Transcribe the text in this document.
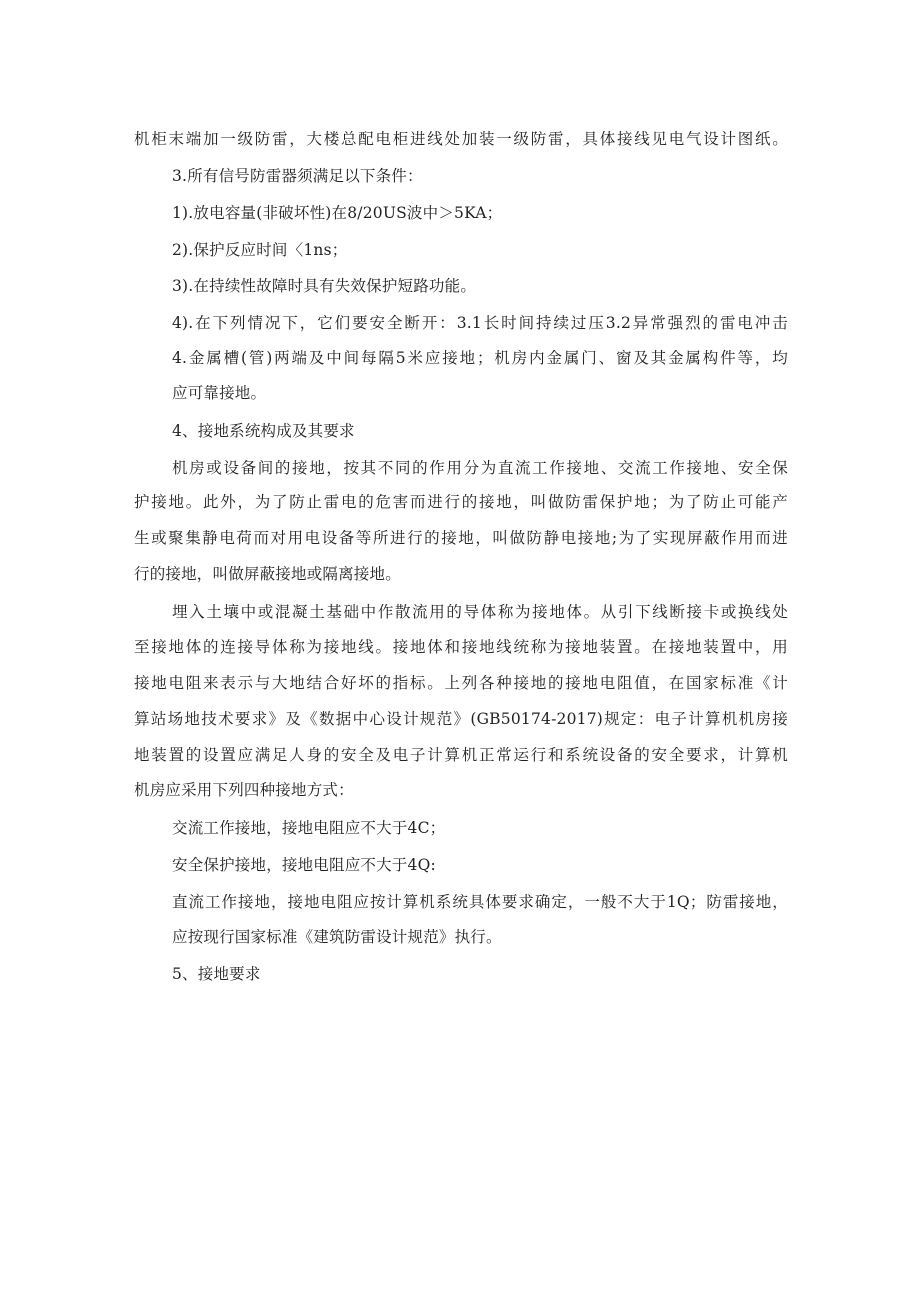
机柜末端加一级防雷，大楼总配电柜进线处加装一级防雷，具体接线见电气设计图纸。
3.所有信号防雷器须满足以下条件：
1).放电容量(非破坏性)在8/20US波中＞5KA；
2).保护反应时间〈1ns；
3).在持续性故障时具有失效保护短路功能。
4).在下列情况下，它们要安全断开：3.1长时间持续过压3.2异常强烈的雷电冲击
4.金属槽(管)两端及中间每隔5米应接地；机房内金属门、窗及其金属构件等，均
应可靠接地。
4、接地系统构成及其要求
机房或设备间的接地，按其不同的作用分为直流工作接地、交流工作接地、安全保
护接地。此外，为了防止雷电的危害而进行的接地，叫做防雷保护地；为了防止可能产
生或聚集静电荷而对用电设备等所进行的接地，叫做防静电接地;为了实现屏蔽作用而进
行的接地，叫做屏蔽接地或隔离接地。
埋入土壤中或混凝土基础中作散流用的导体称为接地体。从引下线断接卡或换线处
至接地体的连接导体称为接地线。接地体和接地线统称为接地装置。在接地装置中，用
接地电阻来表示与大地结合好坏的指标。上列各种接地的接地电阻值，在国家标准《计
算站场地技术要求》及《数据中心设计规范》(GB50174-2017)规定：电子计算机机房接
地装置的设置应满足人身的安全及电子计算机正常运行和系统设备的安全要求，计算机
机房应采用下列四种接地方式：
交流工作接地，接地电阻应不大于4C；
安全保护接地，接地电阻应不大于4Q:
直流工作接地，接地电阻应按计算机系统具体要求确定，一般不大于1Q；防雷接地，
应按现行国家标准《建筑防雷设计规范》执行。
5、接地要求
